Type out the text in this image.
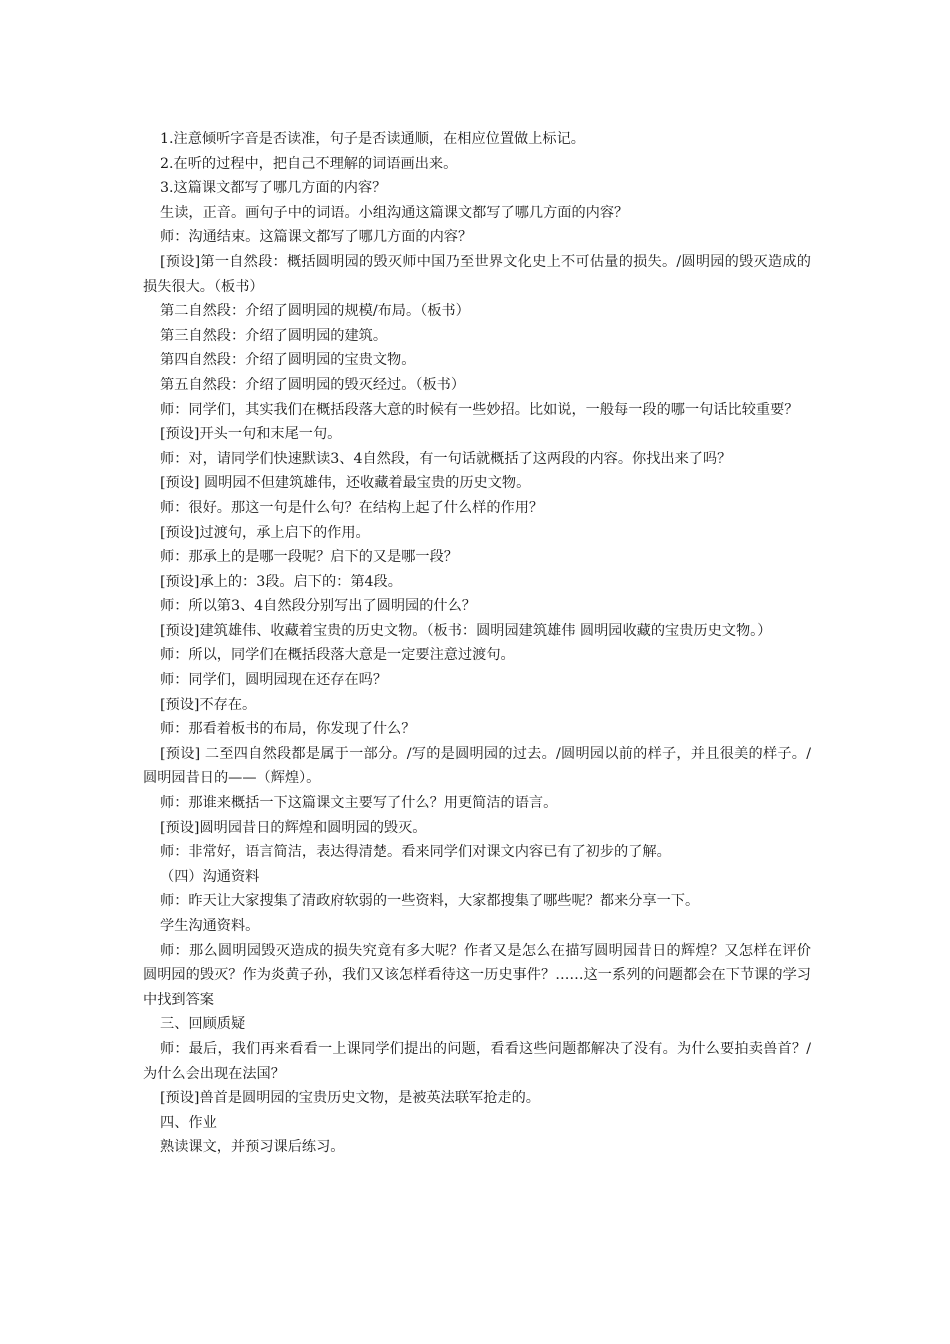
1.注意倾听字音是否读准，句子是否读通顺，在相应位置做上标记。

2.在听的过程中，把自己不理解的词语画出来。

3.这篇课文都写了哪几方面的内容？

生读，正音。画句子中的词语。小组沟通这篇课文都写了哪几方面的内容？

师：沟通结束。这篇课文都写了哪几方面的内容？

[预设]第一自然段：概括圆明园的毁灭师中国乃至世界文化史上不可估量的损失。/圆明园的毁灭造成的损失很大。（板书）

第二自然段：介绍了圆明园的规模/布局。（板书）

第三自然段：介绍了圆明园的建筑。

第四自然段：介绍了圆明园的宝贵文物。

第五自然段：介绍了圆明园的毁灭经过。（板书）

师：同学们，其实我们在概括段落大意的时候有一些妙招。比如说，一般每一段的哪一句话比较重要？

[预设]开头一句和末尾一句。

师：对，请同学们快速默读3、4自然段，有一句话就概括了这两段的内容。你找出来了吗？

[预设] 圆明园不但建筑雄伟，还收藏着最宝贵的历史文物。

师：很好。那这一句是什么句？在结构上起了什么样的作用？

[预设]过渡句，承上启下的作用。

师：那承上的是哪一段呢？启下的又是哪一段？

[预设]承上的：3段。启下的：第4段。

师：所以第3、4自然段分别写出了圆明园的什么？

[预设]建筑雄伟、收藏着宝贵的历史文物。（板书：圆明园建筑雄伟 圆明园收藏的宝贵历史文物。）

师：所以，同学们在概括段落大意是一定要注意过渡句。

师：同学们，圆明园现在还存在吗？

[预设]不存在。

师：那看着板书的布局，你发现了什么？

[预设] 二至四自然段都是属于一部分。/写的是圆明园的过去。/圆明园以前的样子，并且很美的样子。/圆明园昔日的——（辉煌）。

师：那谁来概括一下这篇课文主要写了什么？用更简洁的语言。

[预设]圆明园昔日的辉煌和圆明园的毁灭。

师：非常好，语言简洁，表达得清楚。看来同学们对课文内容已有了初步的了解。

（四）沟通资料

师：昨天让大家搜集了清政府软弱的一些资料，大家都搜集了哪些呢？都来分享一下。

学生沟通资料。

师：那么圆明园毁灭造成的损失究竟有多大呢？作者又是怎么在描写圆明园昔日的辉煌？又怎样在评价圆明园的毁灭？作为炎黄子孙，我们又该怎样看待这一历史事件？……这一系列的问题都会在下节课的学习中找到答案

三、回顾质疑

师：最后，我们再来看看一上课同学们提出的问题，看看这些问题都解决了没有。为什么要拍卖兽首？/为什么会出现在法国？

[预设]兽首是圆明园的宝贵历史文物，是被英法联军抢走的。

四、作业

熟读课文，并预习课后练习。
